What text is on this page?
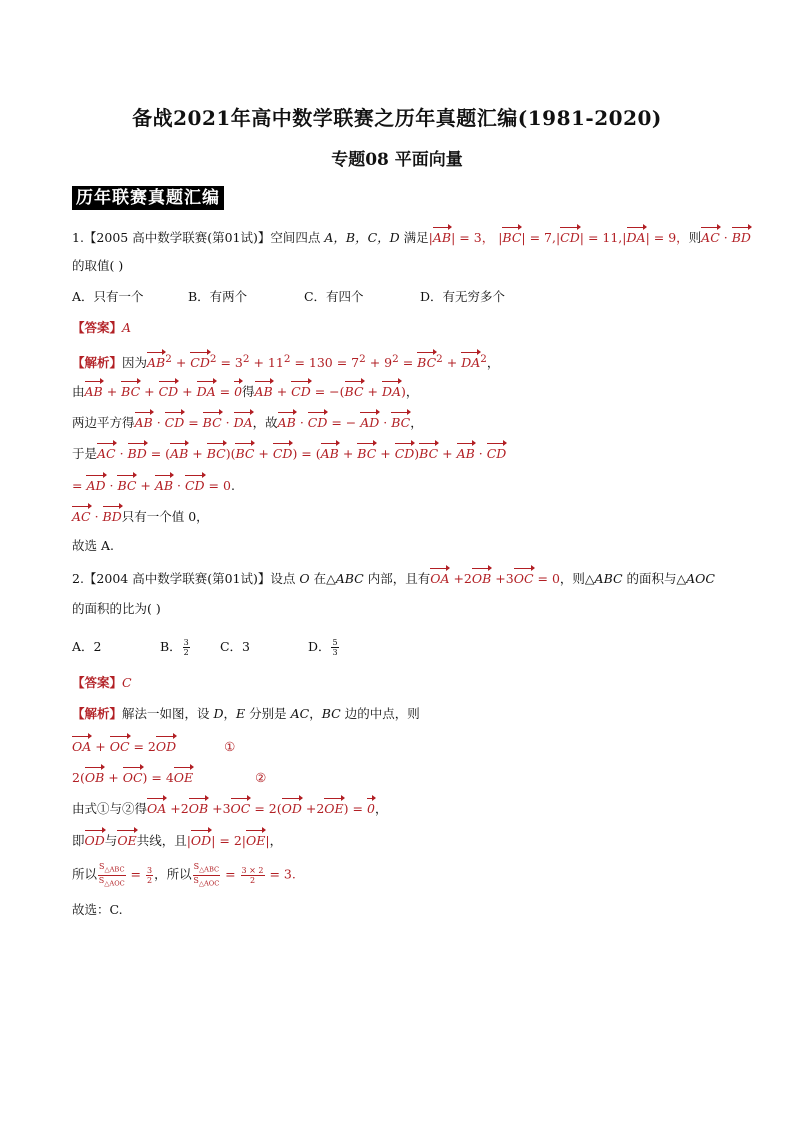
备战2021年高中数学联赛之历年真题汇编(1981-2020)
专题08 平面向量
历年联赛真题汇编
1.【2005 高中数学联赛(第01试)】空间四点 A，B，C，D 满足|AB| = 3， |BC| = 7,|CD| = 11,|DA| = 9，则AC · BD
的取值( )
A．只有一个	B．有两个	C．有四个	D．有无穷多个
【答案】A
【解析】因为$AB^2 + CD^2 = 3^2 + 11^2 = 130 = 7^2 + 9^2 = BC^2 + DA^2$，
由AB + BC + CD + DA = 0得AB + CD = −(BC + DA)，
两边平方得AB · CD = BC · DA，故AB · CD = − AD · BC，
于是AC · BD = (AB + BC)(BC + CD) = (AB + BC + CD)BC + AB · CD
= AD · BC + AB · CD = 0.
AC · BD只有一个值 0，
故选 A.
2.【2004 高中数学联赛(第01试)】设点 O 在△ABC 内部，且有OA +2OB +3OC = 0，则△ABC 的面积与△AOC
的面积的比为( )
A．2	B． $\frac{3}{2}$ C．3	D． $\frac{5}{3}$
【答案】C
【解析】解法一如图，设 D，E 分别是 AC，BC 边的中点，则
OA + OC = 2OD	①
2(OB + OC) = 4OE	②
由式①与②得OA +2OB +3OC = 2(OD +2OE) = 0，
即OD与OE共线，且|OD| = 2|OE|，
所以 $\frac{S_{\triangle ABC}}{S_{\triangle AOC}} = \frac{3}{2}$ ，所以 $\frac{S_{\triangle ABC}}{S_{\triangle AOC}} = \frac{3 \times 2}{2} = 3$.
故选：C.
